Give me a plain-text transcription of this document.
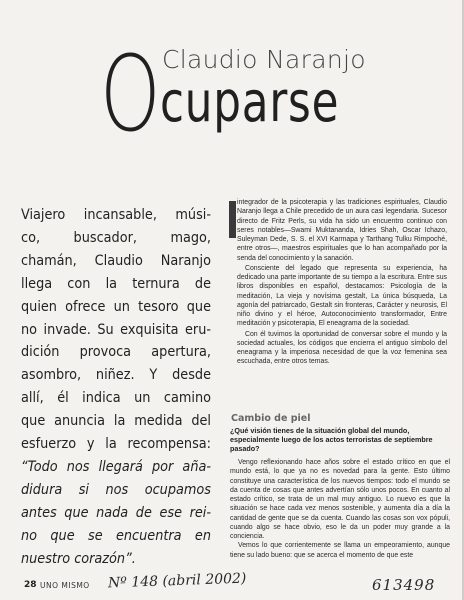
Claudio Naranjo
O cuparse
Viajero incansable, músi-
co, buscador, mago,
chamán, Claudio Naranjo
llega con la ternura de
quien ofrece un tesoro que
no invade. Su exquisita eru-
dición provoca apertura,
asombro, niñez. Y desde
allí, él indica un camino
que anuncia la medida del
esfuerzo y la recompensa:
“Todo nos llegará por aña-
didura si nos ocupamos
antes que nada de ese rei-
no que se encuentra en
nuestro corazón”.

integrador de la psicoterapia y las tradiciones espirituales, Claudio Naranjo llega a Chile precedido de un aura casi legendaria. Sucesor directo de Fritz Perls, su vida ha sido un encuentro continuo con seres notables—Swami Muktananda, Idries Shah, Oscar Ichazo, Suleyman Dede, S. S. el XVI Karmapa y Tarthang Tulku Rimpoché, entre otros—, maestros espirituales que lo han acompañado por la senda del conocimiento y la sanación.

Consciente del legado que representa su experiencia, ha dedicado una parte importante de su tiempo a la escritura. Entre sus libros disponibles en español, destacamos: Psicología de la meditación, La vieja y novísima gestalt, La única búsqueda, La agonía del patriarcado, Gestalt sin fronteras, Carácter y neurosis, El niño divino y el héroe, Autoconocimiento transformador, Entre meditación y psicoterapia, El eneagrama de la sociedad.

Con él tuvimos la oportunidad de conversar sobre el mundo y la sociedad actuales, los códigos que encierra el antiguo símbolo del eneagrama y la imperiosa necesidad de que la voz femenina sea escuchada, entre otros temas.

Cambio de piel
¿Qué visión tienes de la situación global del mundo, especialmente luego de los actos terroristas de septiembre pasado?

Vengo reflexionando hace años sobre el estado crítico en que el mundo está, lo que ya no es novedad para la gente. Esto último constituye una característica de los nuevos tiempos: todo el mundo se da cuenta de cosas que antes advertían sólo unos pocos. En cuanto al estado crítico, se trata de un mal muy antiguo. Lo nuevo es que la situación se hace cada vez menos sostenible, y aumenta día a día la cantidad de gente que se da cuenta. Cuando las cosas son vox pópuli, cuando algo se hace obvio, eso le da un poder muy grande a la conciencia.

Vemos lo que corrientemente se llama un empeoramiento, aunque tiene su lado bueno: que se acerca el momento de que este

28 UNO MISMO Nº 148 (abril 2002)	613498
